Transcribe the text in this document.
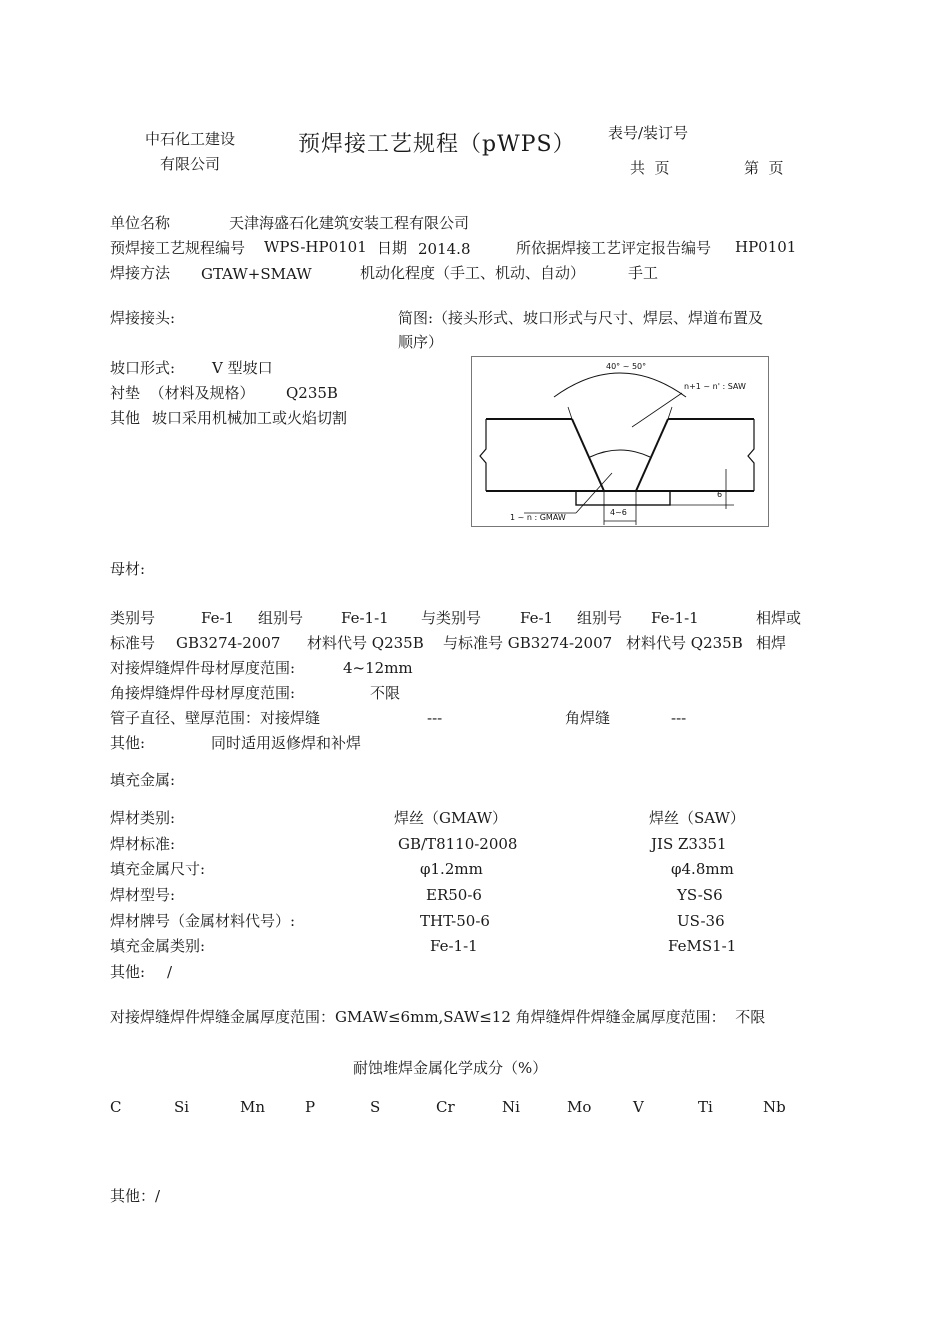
中石化工建设
有限公司
预焊接工艺规程（pWPS） 表号/装订号
共  页	第  页
单位名称	天津海盛石化建筑安装工程有限公司
预焊接工艺规程编号 WPS-HP0101 日期 2014.8	所依据焊接工艺评定报告编号 HP0101
焊接方法 GTAW+SMAW	机动化程度（手工、机动、自动）	手工
焊接接头:	简图:（接头形式、坡口形式与尺寸、焊层、焊道布置及
顺序）
坡口形式: V 型坡口
衬垫  （材料及规格） Q235B
其他 坡口采用机械加工或火焰切割
40° ~ 50°
n+1 ~ n' : SAW
1 ~ n : GMAW
4~6
6
母材:
类别号	Fe-1 组别号	Fe-1-1 与类别号	Fe-1 组别号 Fe-1-1	相焊或
标准号 GB3274-2007 材料代号 Q235B 与标准号 GB3274-2007 材料代号 Q235B 相焊
对接焊缝焊件母材厚度范围:	4~12mm
角接焊缝焊件母材厚度范围:	不限
管子直径、壁厚范围：对接焊缝	---	角焊缝	---
其他:	同时适用返修焊和补焊
填充金属:
焊材类别:	焊丝（GMAW）	焊丝（SAW）
焊材标准:	GB/T8110-2008	JIS Z3351
填充金属尺寸:	φ1.2mm	φ4.8mm
焊材型号:	ER50-6	YS-S6
焊材牌号（金属材料代号）:	THT-50-6	US-36
填充金属类别:	Fe-1-1	FeMS1-1
其他: /
对接焊缝焊件焊缝金属厚度范围：GMAW≤6mm,SAW≤12 角焊缝焊件焊缝金属厚度范围：  不限
耐蚀堆焊金属化学成分（%）
C	Si	Mn	P	S	Cr	Ni	Mo	V	Ti	Nb
其他：/
